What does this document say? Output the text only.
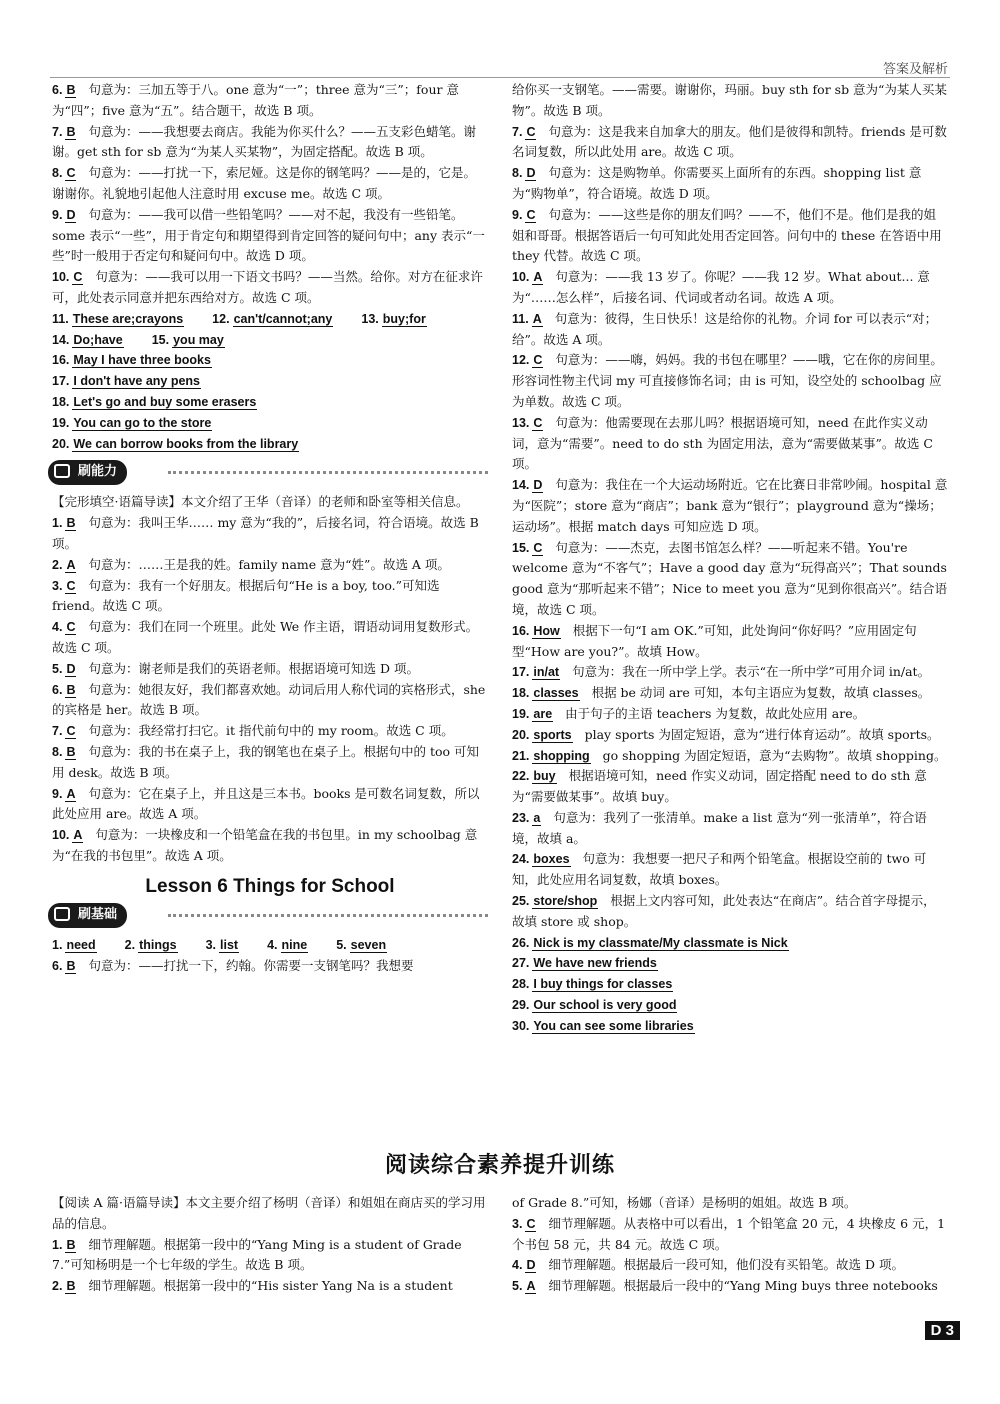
答案及解析

6. B 句意为：三加五等于八。one 意为“一”；three 意为“三”；four 意为“四”；five 意为“五”。结合题干，故选 B 项。

7. B 句意为：——我想要去商店。我能为你买什么？——五支彩色蜡笔。谢谢。get sth for sb 意为“为某人买某物”，为固定搭配。故选 B 项。

8. C 句意为：——打扰一下，索尼娅。这是你的钢笔吗？——是的，它是。谢谢你。礼貌地引起他人注意时用 excuse me。故选 C 项。

9. D 句意为：——我可以借一些铅笔吗？——对不起，我没有一些铅笔。some 表示“一些”，用于肯定句和期望得到肯定回答的疑问句中；any 表示“一些”时一般用于否定句和疑问句中。故选 D 项。

10. C 句意为：——我可以用一下语文书吗？——当然。给你。对方在征求许可，此处表示同意并把东西给对方。故选 C 项。

11. These are;crayons 12. can't/cannot;any 13. buy;for

14. Do;have 15. you may

16. May I have three books

17. I don't have any pens

18. Let's go and buy some erasers

19. You can go to the store

20. We can borrow books from the library

刷能力

【完形填空·语篇导读】本文介绍了王华（音译）的老师和卧室等相关信息。

1. B 句意为：我叫王华…… my 意为“我的”，后接名词，符合语境。故选 B 项。

2. A 句意为：……王是我的姓。family name 意为“姓”。故选 A 项。

3. C 句意为：我有一个好朋友。根据后句“He is a boy, too.”可知选 friend。故选 C 项。

4. C 句意为：我们在同一个班里。此处 We 作主语，谓语动词用复数形式。故选 C 项。

5. D 句意为：谢老师是我们的英语老师。根据语境可知选 D 项。

6. B 句意为：她很友好，我们都喜欢她。动词后用人称代词的宾格形式，she 的宾格是 her。故选 B 项。

7. C 句意为：我经常打扫它。it 指代前句中的 my room。故选 C 项。

8. B 句意为：我的书在桌子上，我的钢笔也在桌子上。根据句中的 too 可知用 desk。故选 B 项。

9. A 句意为：它在桌子上，并且这是三本书。books 是可数名词复数，所以此处应用 are。故选 A 项。

10. A 句意为：一块橡皮和一个铅笔盒在我的书包里。in my schoolbag 意为“在我的书包里”。故选 A 项。

Lesson 6 Things for School
刷基础

1. need 2. things 3. list 4. nine 5. seven

6. B 句意为：——打扰一下，约翰。你需要一支钢笔吗？我想要

给你买一支钢笔。——需要。谢谢你，玛丽。buy sth for sb 意为“为某人买某物”。故选 B 项。

7. C 句意为：这是我来自加拿大的朋友。他们是彼得和凯特。friends 是可数名词复数，所以此处用 are。故选 C 项。

8. D 句意为：这是购物单。你需要买上面所有的东西。shopping list 意为“购物单”，符合语境。故选 D 项。

9. C 句意为：——这些是你的朋友们吗？——不，他们不是。他们是我的姐姐和哥哥。根据答语后一句可知此处用否定回答。问句中的 these 在答语中用 they 代替。故选 C 项。

10. A 句意为：——我 13 岁了。你呢？——我 12 岁。What about... 意为“……怎么样”，后接名词、代词或者动名词。故选 A 项。

11. A 句意为：彼得，生日快乐！这是给你的礼物。介词 for 可以表示“对；给”。故选 A 项。

12. C 句意为：——嗨，妈妈。我的书包在哪里？——哦，它在你的房间里。形容词性物主代词 my 可直接修饰名词；由 is 可知，设空处的 schoolbag 应为单数。故选 C 项。

13. C 句意为：他需要现在去那儿吗？根据语境可知，need 在此作实义动词，意为“需要”。need to do sth 为固定用法，意为“需要做某事”。故选 C 项。

14. D 句意为：我住在一个大运动场附近。它在比赛日非常吵闹。hospital 意为“医院”；store 意为“商店”；bank 意为“银行”；playground 意为“操场；运动场”。根据 match days 可知应选 D 项。

15. C 句意为：——杰克，去图书馆怎么样？——听起来不错。You're welcome 意为“不客气”；Have a good day 意为“玩得高兴”；That sounds good 意为“那听起来不错”；Nice to meet you 意为“见到你很高兴”。结合语境，故选 C 项。

16. How 根据下一句“I am OK.”可知，此处询问“你好吗？”应用固定句型“How are you?”。故填 How。

17. in/at 句意为：我在一所中学上学。表示“在一所中学”可用介词 in/at。

18. classes 根据 be 动词 are 可知，本句主语应为复数，故填 classes。

19. are 由于句子的主语 teachers 为复数，故此处应用 are。

20. sports play sports 为固定短语，意为“进行体育运动”。故填 sports。

21. shopping go shopping 为固定短语，意为“去购物”。故填 shopping。

22. buy 根据语境可知，need 作实义动词，固定搭配 need to do sth 意为“需要做某事”。故填 buy。

23. a 句意为：我列了一张清单。make a list 意为“列一张清单”，符合语境，故填 a。

24. boxes 句意为：我想要一把尺子和两个铅笔盒。根据设空前的 two 可知，此处应用名词复数，故填 boxes。

25. store/shop 根据上文内容可知，此处表达“在商店”。结合首字母提示，故填 store 或 shop。

26. Nick is my classmate/My classmate is Nick

27. We have new friends

28. I buy things for classes

29. Our school is very good

30. You can see some libraries

阅读综合素养提升训练

【阅读 A 篇·语篇导读】本文主要介绍了杨明（音译）和姐姐在商店买的学习用品的信息。

1. B 细节理解题。根据第一段中的“Yang Ming is a student of Grade 7.”可知杨明是一个七年级的学生。故选 B 项。

2. B 细节理解题。根据第一段中的“His sister Yang Na is a student

of Grade 8.”可知，杨娜（音译）是杨明的姐姐。故选 B 项。

3. C 细节理解题。从表格中可以看出，1 个铅笔盒 20 元，4 块橡皮 6 元，1 个书包 58 元，共 84 元。故选 C 项。

4. D 细节理解题。根据最后一段可知，他们没有买铅笔。故选 D 项。

5. A 细节理解题。根据最后一段中的“Yang Ming buys three notebooks

D 3
